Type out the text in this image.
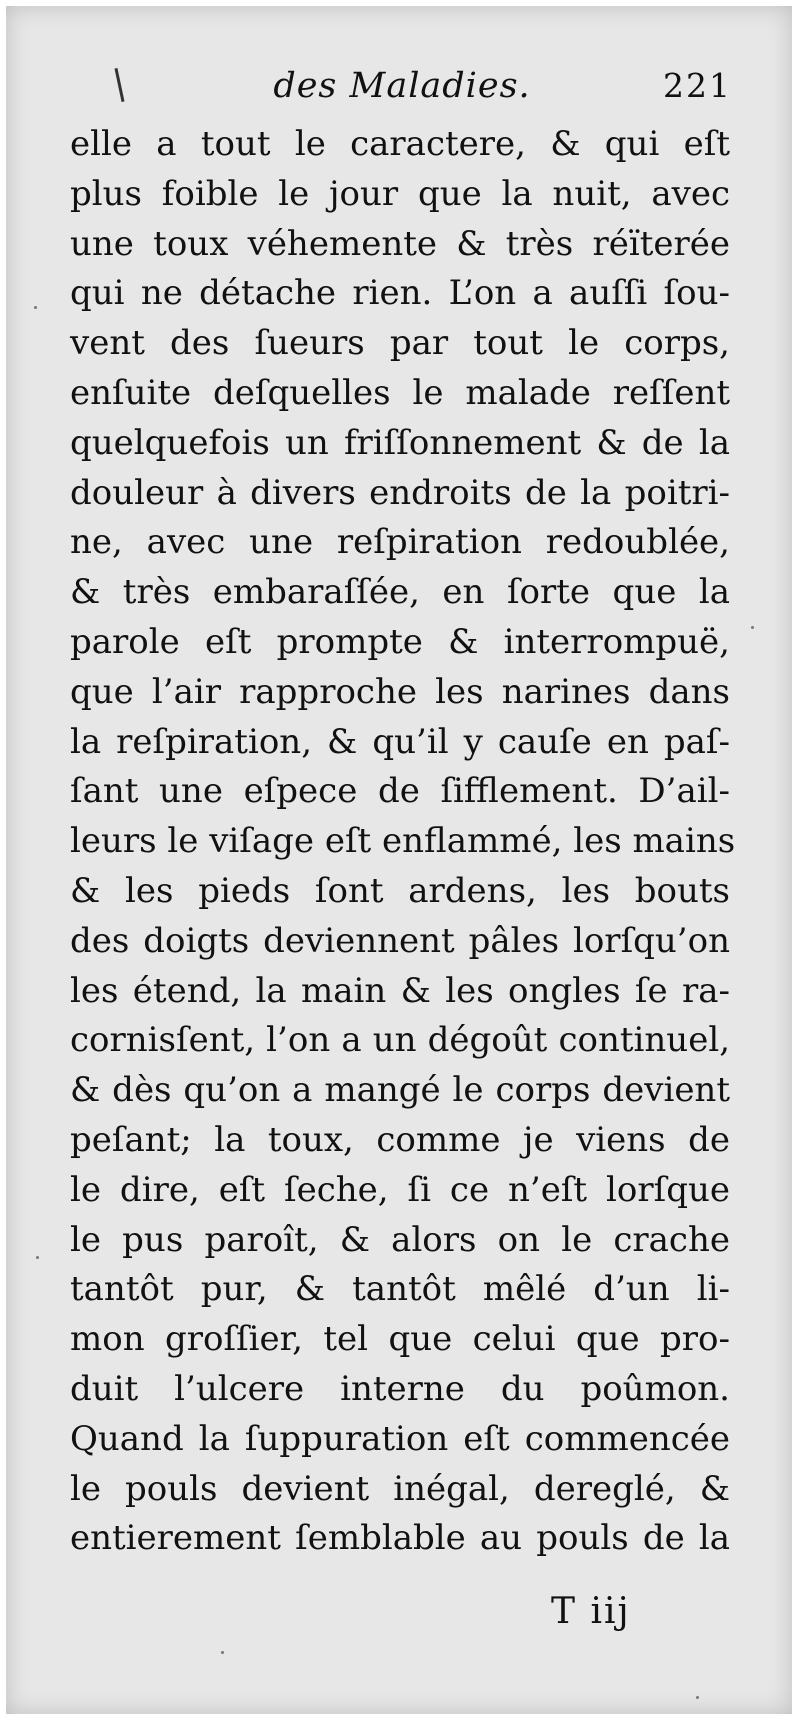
des Maladies.	221
elle a tout le caractere, & qui eſt
plus foible le jour que la nuit, avec
une toux véhemente & très réïterée
qui ne détache rien. L’on a auſſi ſou-
vent des ſueurs par tout le corps,
enſuite deſquelles le malade reſſent
quelquefois un friſſonnement & de la
douleur à divers endroits de la poitri-
ne, avec une reſpiration redoublée,
& très embaraſſée, en ſorte que la
parole eſt prompte & interrompuë,
que l’air rapproche les narines dans
la reſpiration, & qu’il y cauſe en paſ-
ſant une eſpece de ſifflement. D’ail-
leurs le viſage eſt enflammé, les mains
& les pieds ſont ardens, les bouts
des doigts deviennent pâles lorſqu’on
les étend, la main & les ongles ſe ra-
cornisſent, l’on a un dégoût continuel,
& dès qu’on a mangé le corps devient
peſant; la toux, comme je viens de
le dire, eſt ſeche, ſi ce n’eſt lorſque
le pus paroît, & alors on le crache
tantôt pur, & tantôt mêlé d’un li-
mon groſſier, tel que celui que pro-
duit l’ulcere interne du poûmon.
Quand la ſuppuration eſt commencée
le pouls devient inégal, dereglé, &
entierement ſemblable au pouls de la
T iij
